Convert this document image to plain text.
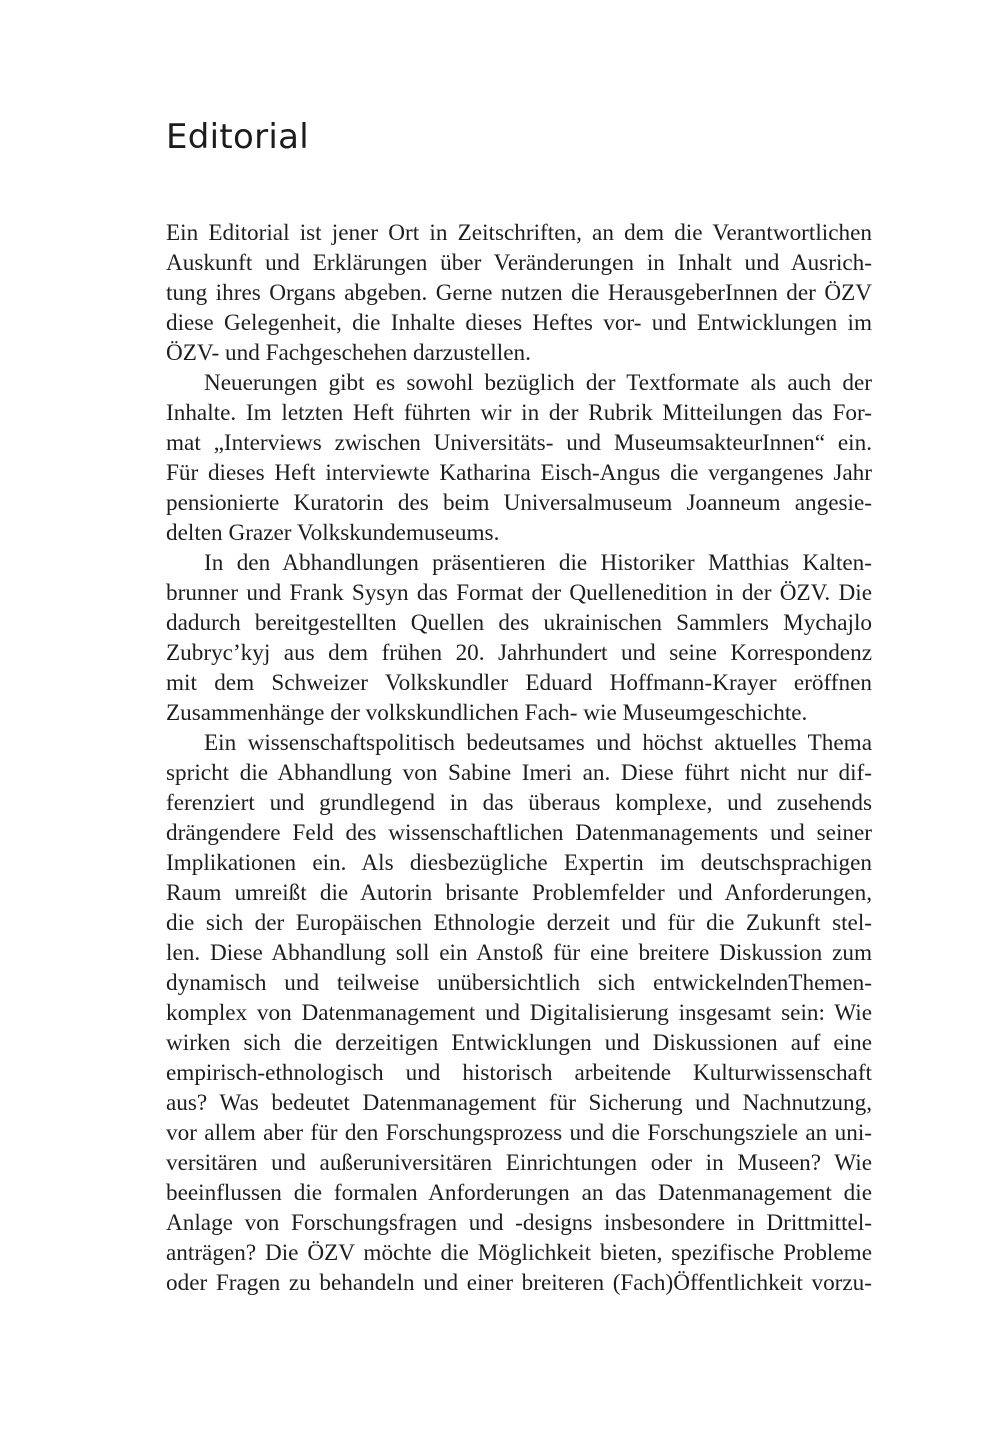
Editorial
Ein Editorial ist jener Ort in Zeitschriften, an dem die Verantwortlichen
Auskunft und Erklärungen über Veränderungen in Inhalt und Ausrich-
tung ihres Organs abgeben. Gerne nutzen die HerausgeberInnen der ÖZV
diese Gelegenheit, die Inhalte dieses Heftes vor- und Entwicklungen im
ÖZV- und Fachgeschehen darzustellen.
Neuerungen gibt es sowohl bezüglich der Textformate als auch der
Inhalte. Im letzten Heft führten wir in der Rubrik Mitteilungen das For-
mat „Interviews zwischen Universitäts- und MuseumsakteurInnen“ ein.
Für dieses Heft interviewte Katharina Eisch-Angus die vergangenes Jahr
pensionierte Kuratorin des beim Universalmuseum Joanneum angesie-
delten Grazer Volkskundemuseums.
In den Abhandlungen präsentieren die Historiker Matthias Kalten-
brunner und Frank Sysyn das Format der Quellenedition in der ÖZV. Die
dadurch bereitgestellten Quellen des ukrainischen Sammlers Mychajlo
Zubryc’kyj aus dem frühen 20. Jahrhundert und seine Korrespondenz
mit dem Schweizer Volkskundler Eduard Hoffmann-Krayer eröffnen
Zusammenhänge der volkskundlichen Fach- wie Museumgeschichte.
Ein wissenschaftspolitisch bedeutsames und höchst aktuelles Thema
spricht die Abhandlung von Sabine Imeri an. Diese führt nicht nur dif-
ferenziert und grundlegend in das überaus komplexe, und zusehends
drängendere Feld des wissenschaftlichen Datenmanagements und seiner
Implikationen ein. Als diesbezügliche Expertin im deutschsprachigen
Raum umreißt die Autorin brisante Problemfelder und Anforderungen,
die sich der Europäischen Ethnologie derzeit und für die Zukunft stel-
len. Diese Abhandlung soll ein Anstoß für eine breitere Diskussion zum
dynamisch und teilweise unübersichtlich sich entwickelndenThemen-
komplex von Datenmanagement und Digitalisierung insgesamt sein: Wie
wirken sich die derzeitigen Entwicklungen und Diskussionen auf eine
empirisch-ethnologisch und historisch arbeitende Kulturwissenschaft
aus? Was bedeutet Datenmanagement für Sicherung und Nachnutzung,
vor allem aber für den Forschungsprozess und die Forschungsziele an uni-
versitären und außeruniversitären Einrichtungen oder in Museen? Wie
beeinflussen die formalen Anforderungen an das Datenmanagement die
Anlage von Forschungsfragen und -designs insbesondere in Drittmittel-
anträgen? Die ÖZV möchte die Möglichkeit bieten, spezifische Probleme
oder Fragen zu behandeln und einer breiteren (Fach)Öffentlichkeit vorzu-
